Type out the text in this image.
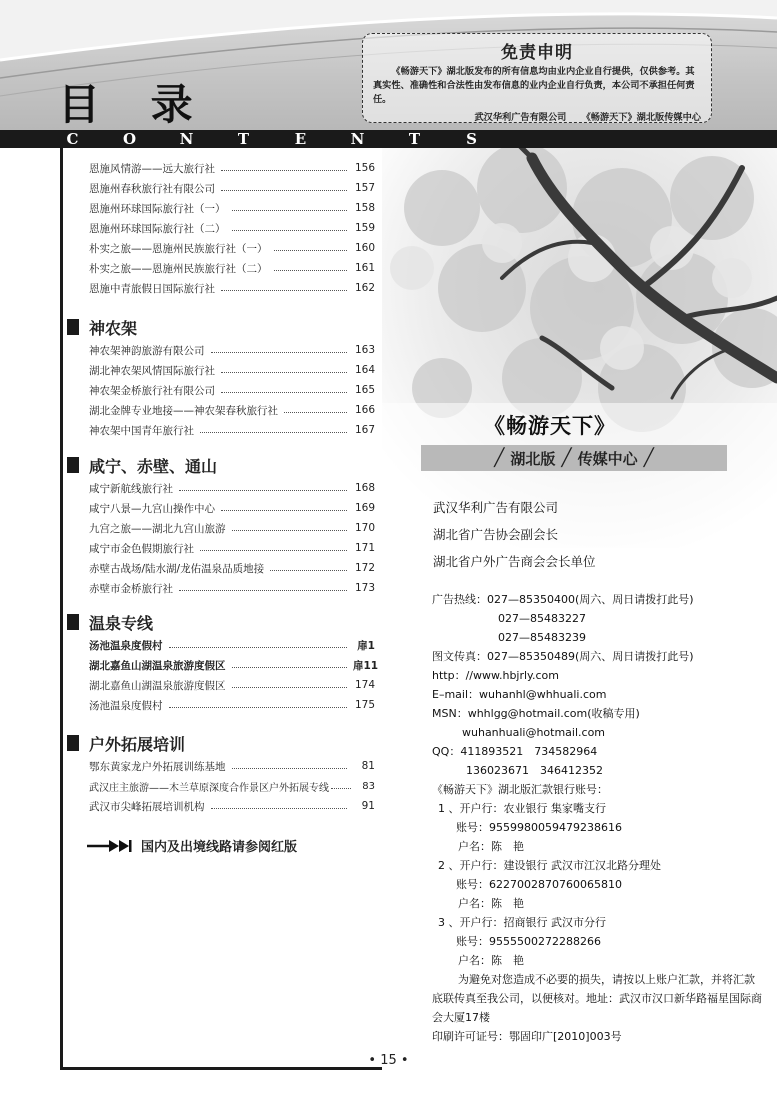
目 录

免责申明

《畅游天下》湖北版发布的所有信息均由业内企业自行提供，仅供参考。其真实性、准确性和合法性由发布信息的业内企业自行负责，本公司不承担任何责任。

武汉华利广告有限公司 《畅游天下》湖北版传媒中心

C	O	N	T	E	N	T	S
恩施风情游——远大旅行社	156
恩施州春秋旅行社有限公司	157
恩施州环球国际旅行社（一）	158
恩施州环球国际旅行社（二）	159
朴实之旅——恩施州民族旅行社（一）	160
朴实之旅——恩施州民族旅行社（二）	161
恩施中青旅假日国际旅行社	162
神农架
神农架神韵旅游有限公司	163
湖北神农架风情国际旅行社	164
神农架金桥旅行社有限公司	165
湖北金牌专业地接——神农架春秋旅行社	166
神农架中国青年旅行社	167
咸宁、赤壁、通山
咸宁新航线旅行社	168
咸宁八景—九宫山操作中心	169
九宫之旅——湖北九宫山旅游	170
咸宁市金色假期旅行社	171
赤壁古战场/陆水湖/龙佑温泉品质地接	172
赤壁市金桥旅行社	173
温泉专线
汤池温泉度假村	扉1
湖北嘉鱼山湖温泉旅游度假区	扉11
湖北嘉鱼山湖温泉旅游度假区	174
汤池温泉度假村	175
户外拓展培训
鄂东黄家龙户外拓展训练基地	81
武汉庄主旅游——木兰草原深度合作景区户外拓展专线	83
武汉市尖峰拓展培训机构	91
国内及出境线路请参阅红版
《畅游天下》
╱ 湖北版 ╱ 传媒中心 ╱
武汉华利广告有限公司
湖北省广告协会副会长
湖北省户外广告商会会长单位
广告热线：027—85350400(周六、周日请拨打此号)
027—85483227
027—85483239
图文传真：027—85350489(周六、周日请拨打此号)
http：//www.hbjrly.com
E–mail：wuhanhl@whhuali.com
MSN：whhlgg@hotmail.com(收稿专用)
wuhanhuali@hotmail.com
QQ：411893521　734582964
136023671　346412352
《畅游天下》湖北版汇款银行账号：
1 、开户行：农业银行 集家嘴支行
账号：9559980059479238616
户名：陈　艳
2 、开户行：建设银行 武汉市江汉北路分理处
账号：6227002870760065810
户名：陈　艳
3 、开户行：招商银行 武汉市分行
账号：9555500272288266
户名：陈　艳
为避免对您造成不必要的损失，请按以上账户汇款，并将汇款底联传真至我公司，以便核对。地址：武汉市汉口新华路福星国际商会大厦17楼
印刷许可证号：鄂固印广[2010]003号
• 15 •
